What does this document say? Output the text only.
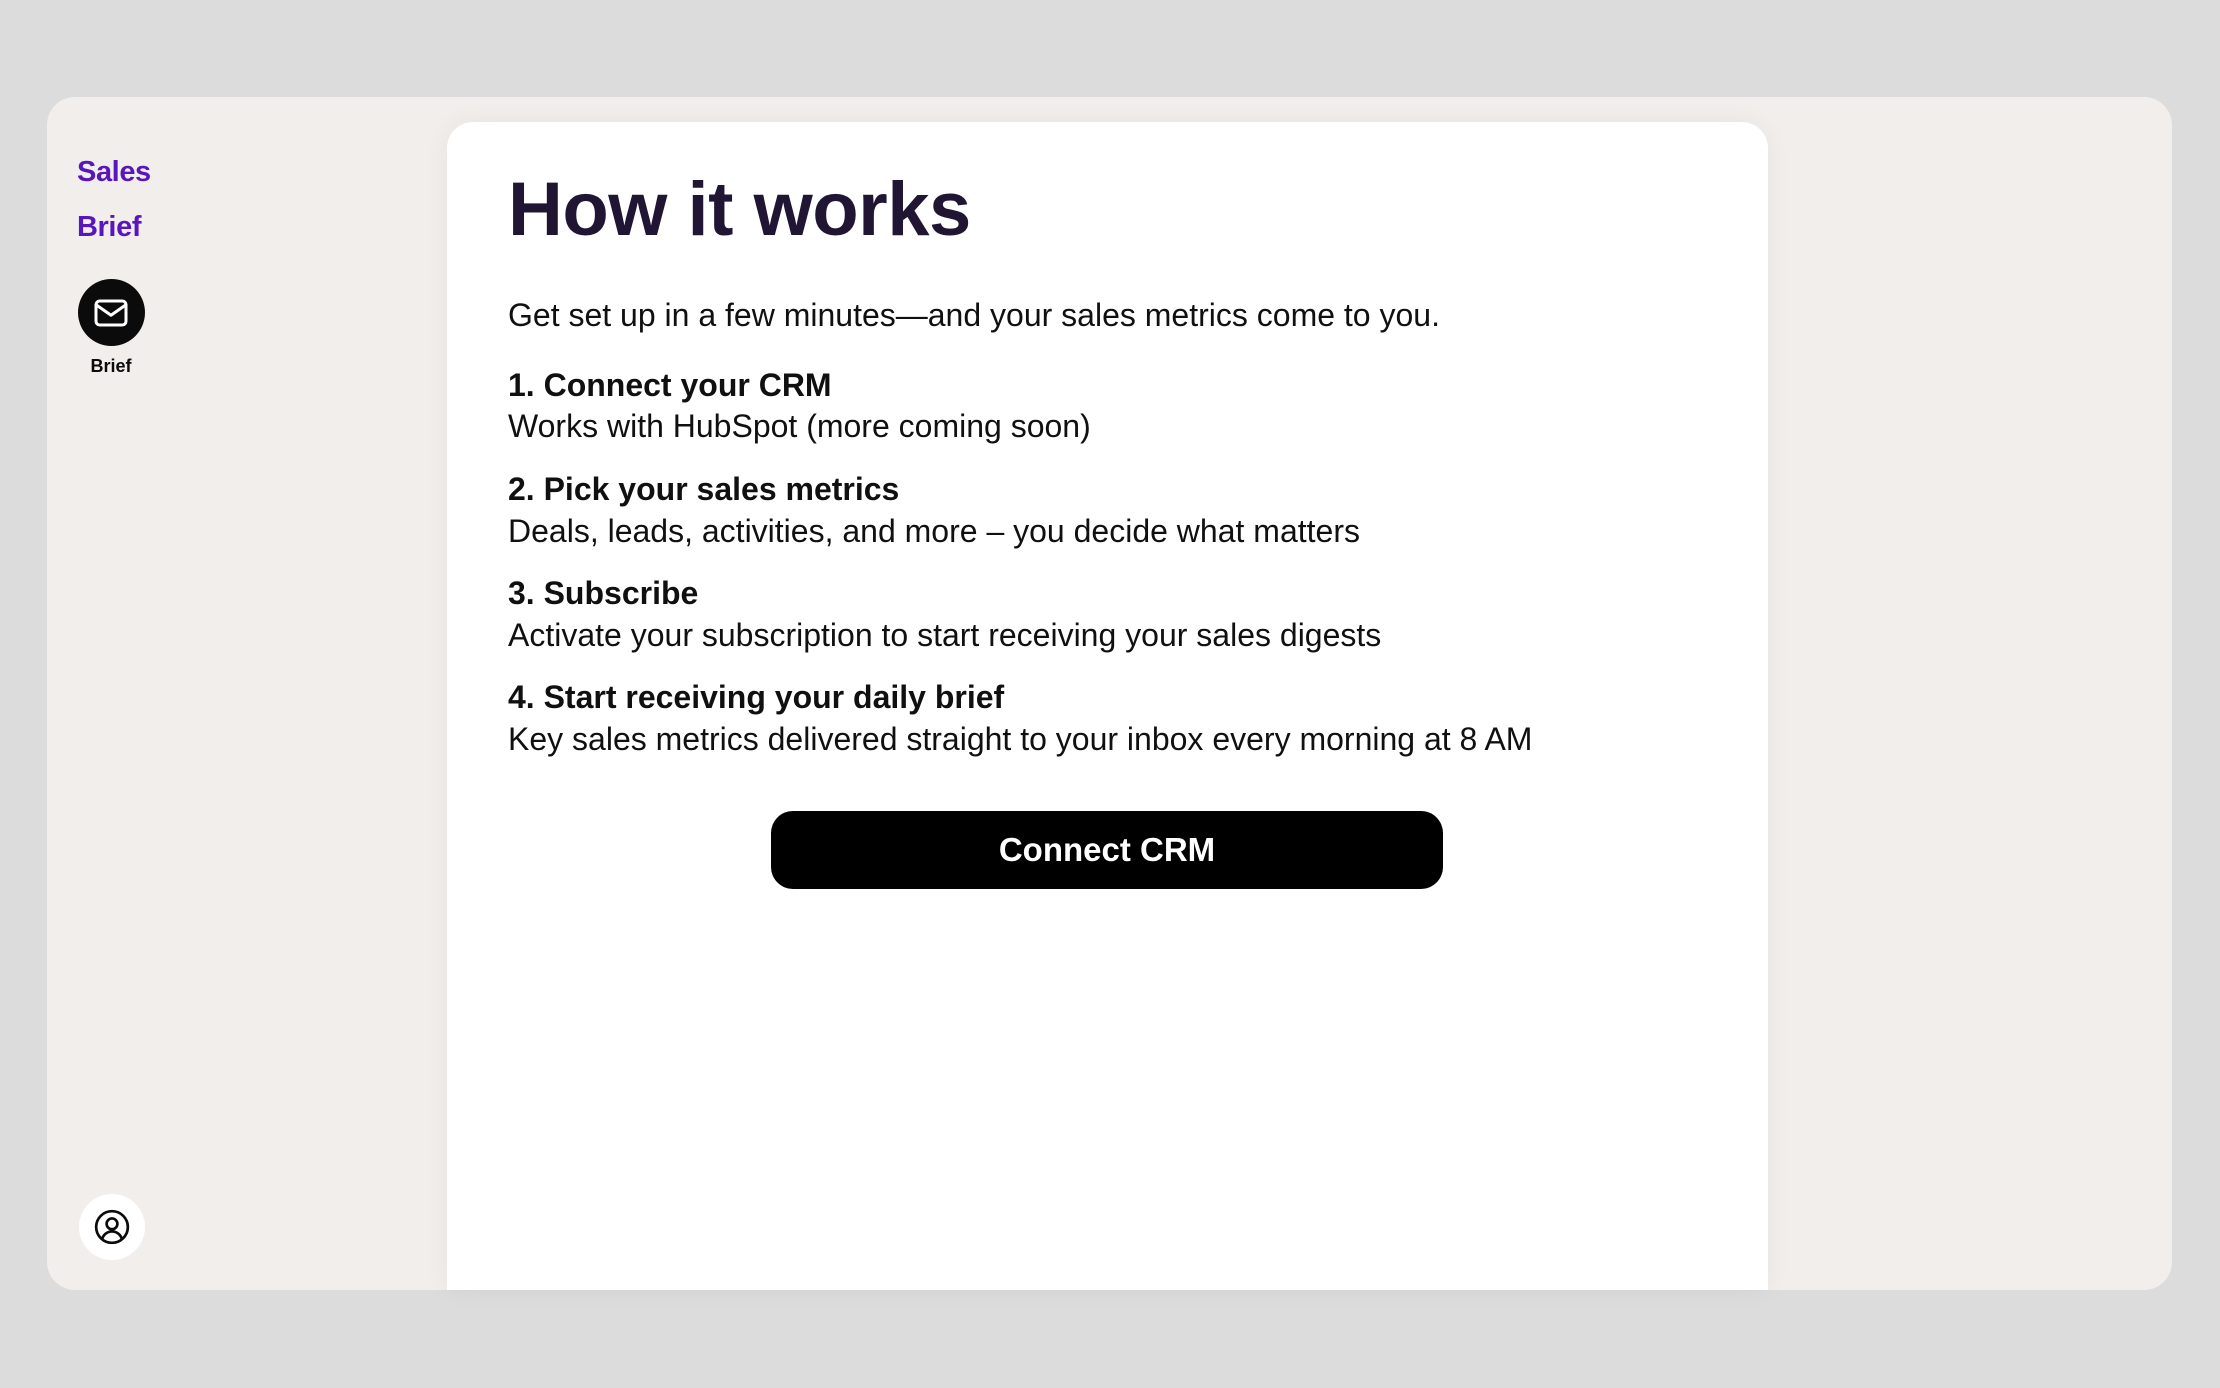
Sales

Brief

Brief
How it works

Get set up in a few minutes—and your sales metrics come to you.

1. Connect your CRM
Works with HubSpot (more coming soon)
2. Pick your sales metrics
Deals, leads, activities, and more – you decide what matters
3. Subscribe
Activate your subscription to start receiving your sales digests
4. Start receiving your daily brief
Key sales metrics delivered straight to your inbox every morning at 8 AM
Connect CRM
